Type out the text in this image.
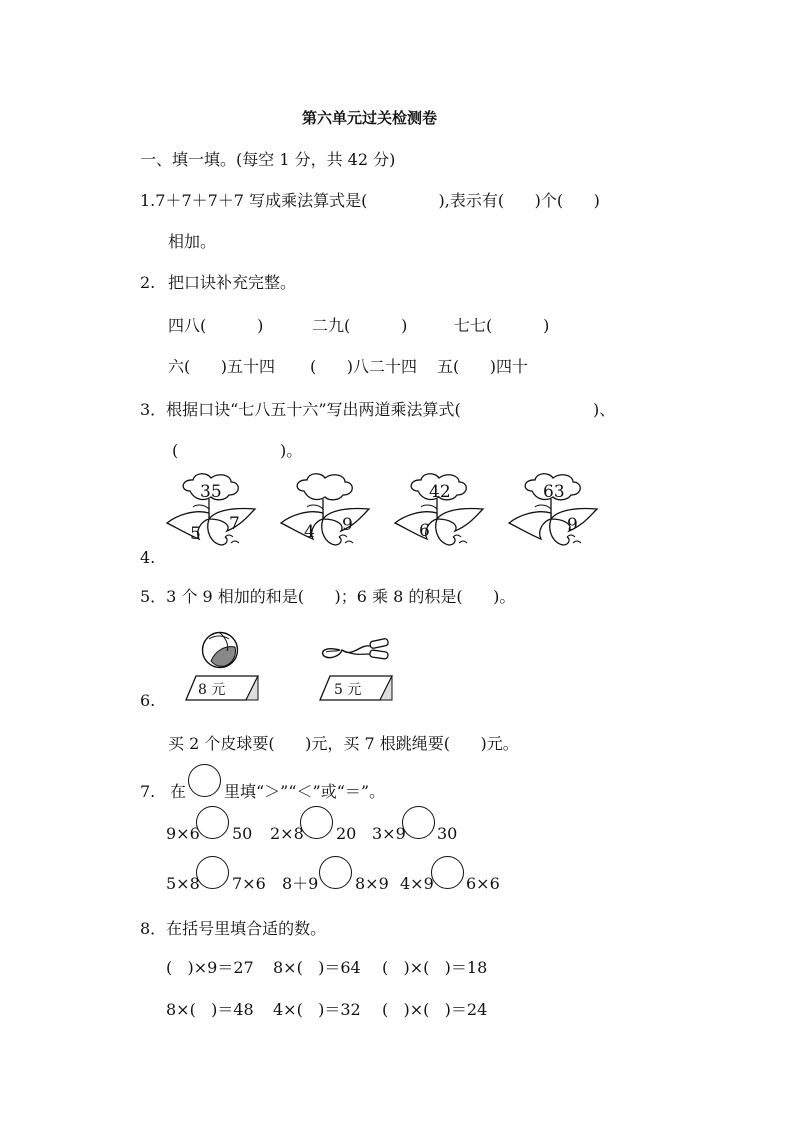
第六单元过关检测卷
一、填一填。(每空 1 分，共 42 分)
1.7＋7＋7＋7 写成乘法算式是(              ),表示有(      )个(      )
相加。
2. 把口诀补充完整。
四八(          )	二九(          )	七七(          )
六(      )五十四 (      )八二十四 五(      )四十
3．根据口诀“七八五十六”写出两道乘法算式(                          )、
(                    )。
4.
35
5 7	4 9
42
6
63
9
5．3 个 9 相加的和是(      )；6 乘 8 的积是(      )。
6.
8 元	5 元
买 2 个皮球要(      )元，买 7 根跳绳要(      )元。
7. 在 里填“＞”“＜”或“＝”。
9×6 50 2×8 20 3×9 30
5×8 7×6 8＋9 8×9 4×9 6×6
8．在括号里填合适的数。
(   )×9＝27 8×(   )＝64 (   )×(   )＝18
8×(   )＝48 4×(   )＝32 (   )×(   )＝24
